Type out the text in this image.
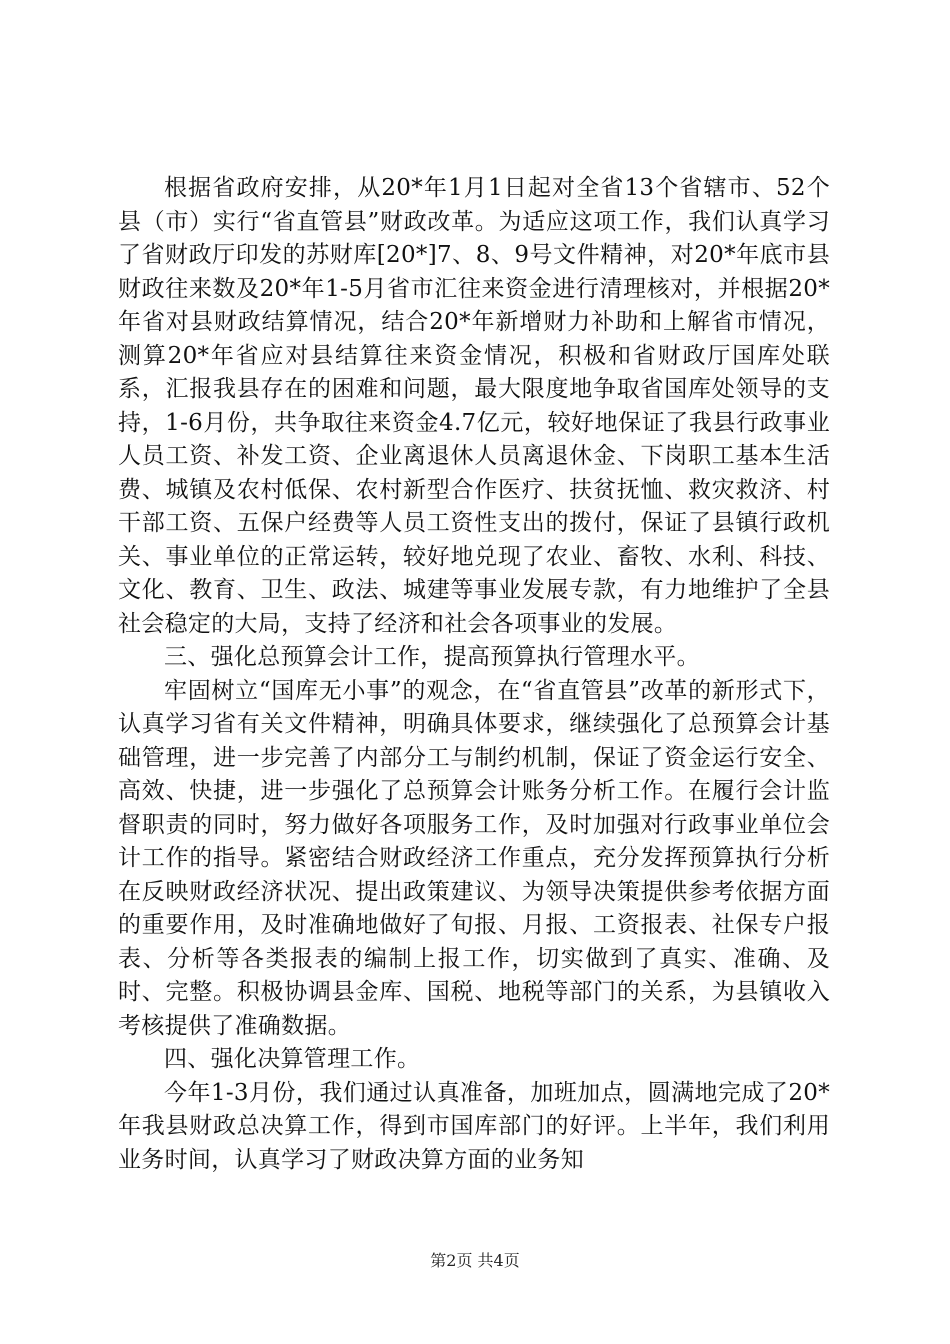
根据省政府安排，从20*年1月1日起对全省13个省辖市、52个县（市）实行“省直管县”财政改革。为适应这项工作，我们认真学习了省财政厅印发的苏财库[20*]7、8、9号文件精神，对20*年底市县财政往来数及20*年1-5月省市汇往来资金进行清理核对，并根据20*年省对县财政结算情况，结合20*年新增财力补助和上解省市情况，测算20*年省应对县结算往来资金情况，积极和省财政厅国库处联系，汇报我县存在的困难和问题，最大限度地争取省国库处领导的支持，1-6月份，共争取往来资金4.7亿元，较好地保证了我县行政事业人员工资、补发工资、企业离退休人员离退休金、下岗职工基本生活费、城镇及农村低保、农村新型合作医疗、扶贫抚恤、救灾救济、村干部工资、五保户经费等人员工资性支出的拨付，保证了县镇行政机关、事业单位的正常运转，较好地兑现了农业、畜牧、水利、科技、文化、教育、卫生、政法、城建等事业发展专款，有力地维护了全县社会稳定的大局，支持了经济和社会各项事业的发展。

三、强化总预算会计工作，提高预算执行管理水平。

牢固树立“国库无小事”的观念，在“省直管县”改革的新形式下，认真学习省有关文件精神，明确具体要求，继续强化了总预算会计基础管理，进一步完善了内部分工与制约机制，保证了资金运行安全、高效、快捷，进一步强化了总预算会计账务分析工作。在履行会计监督职责的同时，努力做好各项服务工作，及时加强对行政事业单位会计工作的指导。紧密结合财政经济工作重点，充分发挥预算执行分析在反映财政经济状况、提出政策建议、为领导决策提供参考依据方面的重要作用，及时准确地做好了旬报、月报、工资报表、社保专户报表、分析等各类报表的编制上报工作，切实做到了真实、准确、及时、完整。积极协调县金库、国税、地税等部门的关系，为县镇收入考核提供了准确数据。

四、强化决算管理工作。

今年1-3月份，我们通过认真准备，加班加点，圆满地完成了20*年我县财政总决算工作，得到市国库部门的好评。上半年，我们利用业务时间，认真学习了财政决算方面的业务知

第2页 共4页
